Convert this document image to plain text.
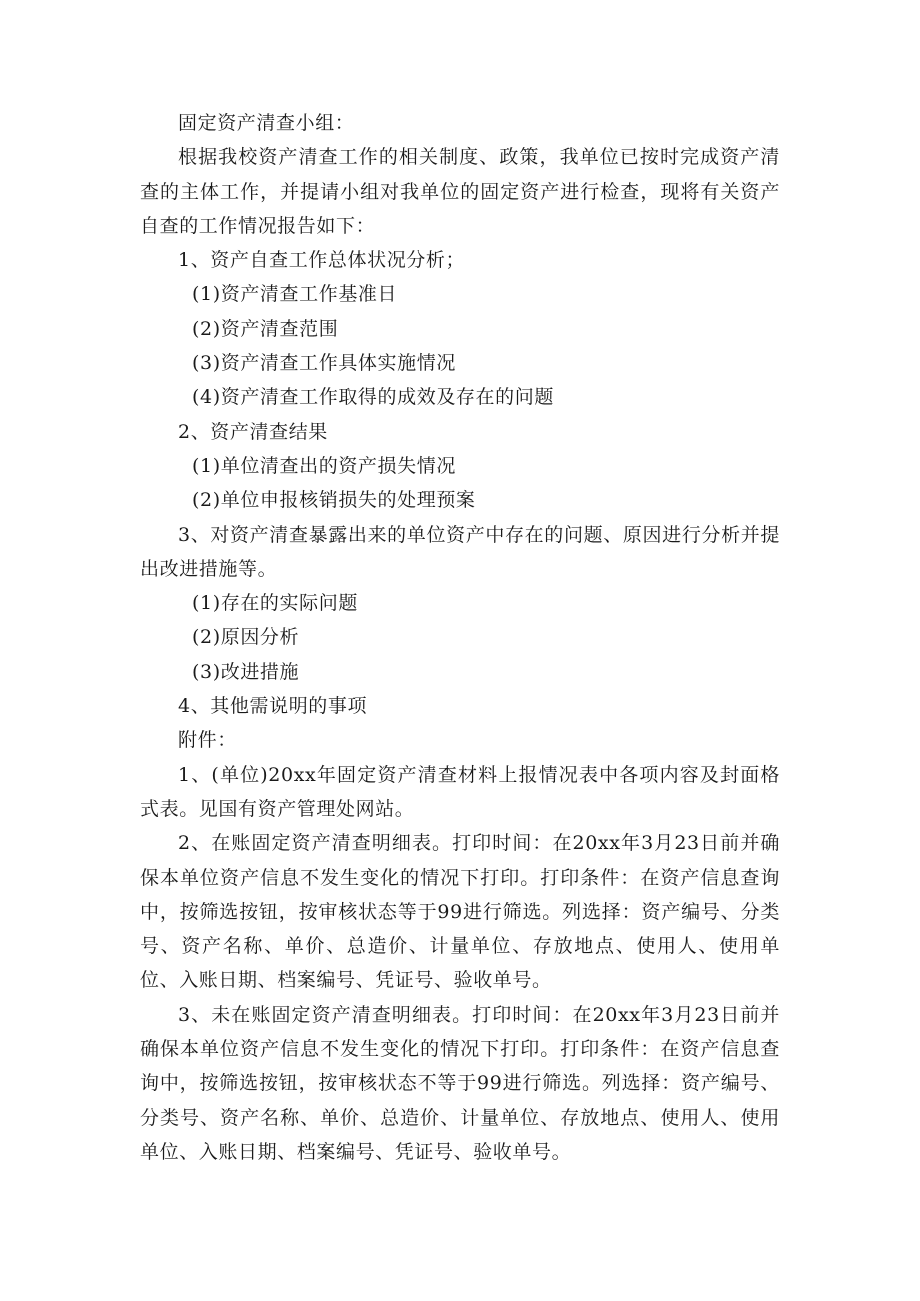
固定资产清查小组：

根据我校资产清查工作的相关制度、政策，我单位已按时完成资产清查的主体工作，并提请小组对我单位的固定资产进行检查，现将有关资产自查的工作情况报告如下：

1、资产自查工作总体状况分析；

(1)资产清查工作基准日

(2)资产清查范围

(3)资产清查工作具体实施情况

(4)资产清查工作取得的成效及存在的问题

2、资产清查结果

(1)单位清查出的资产损失情况

(2)单位申报核销损失的处理预案

3、对资产清查暴露出来的单位资产中存在的问题、原因进行分析并提出改进措施等。

(1)存在的实际问题

(2)原因分析

(3)改进措施

4、其他需说明的事项

附件：

1、(单位)20xx年固定资产清查材料上报情况表中各项内容及封面格式表。见国有资产管理处网站。

2、在账固定资产清查明细表。打印时间：在20xx年3月23日前并确保本单位资产信息不发生变化的情况下打印。打印条件：在资产信息查询中，按筛选按钮，按审核状态等于99进行筛选。列选择：资产编号、分类号、资产名称、单价、总造价、计量单位、存放地点、使用人、使用单位、入账日期、档案编号、凭证号、验收单号。

3、未在账固定资产清查明细表。打印时间：在20xx年3月23日前并确保本单位资产信息不发生变化的情况下打印。打印条件：在资产信息查询中，按筛选按钮，按审核状态不等于99进行筛选。列选择：资产编号、分类号、资产名称、单价、总造价、计量单位、存放地点、使用人、使用单位、入账日期、档案编号、凭证号、验收单号。
